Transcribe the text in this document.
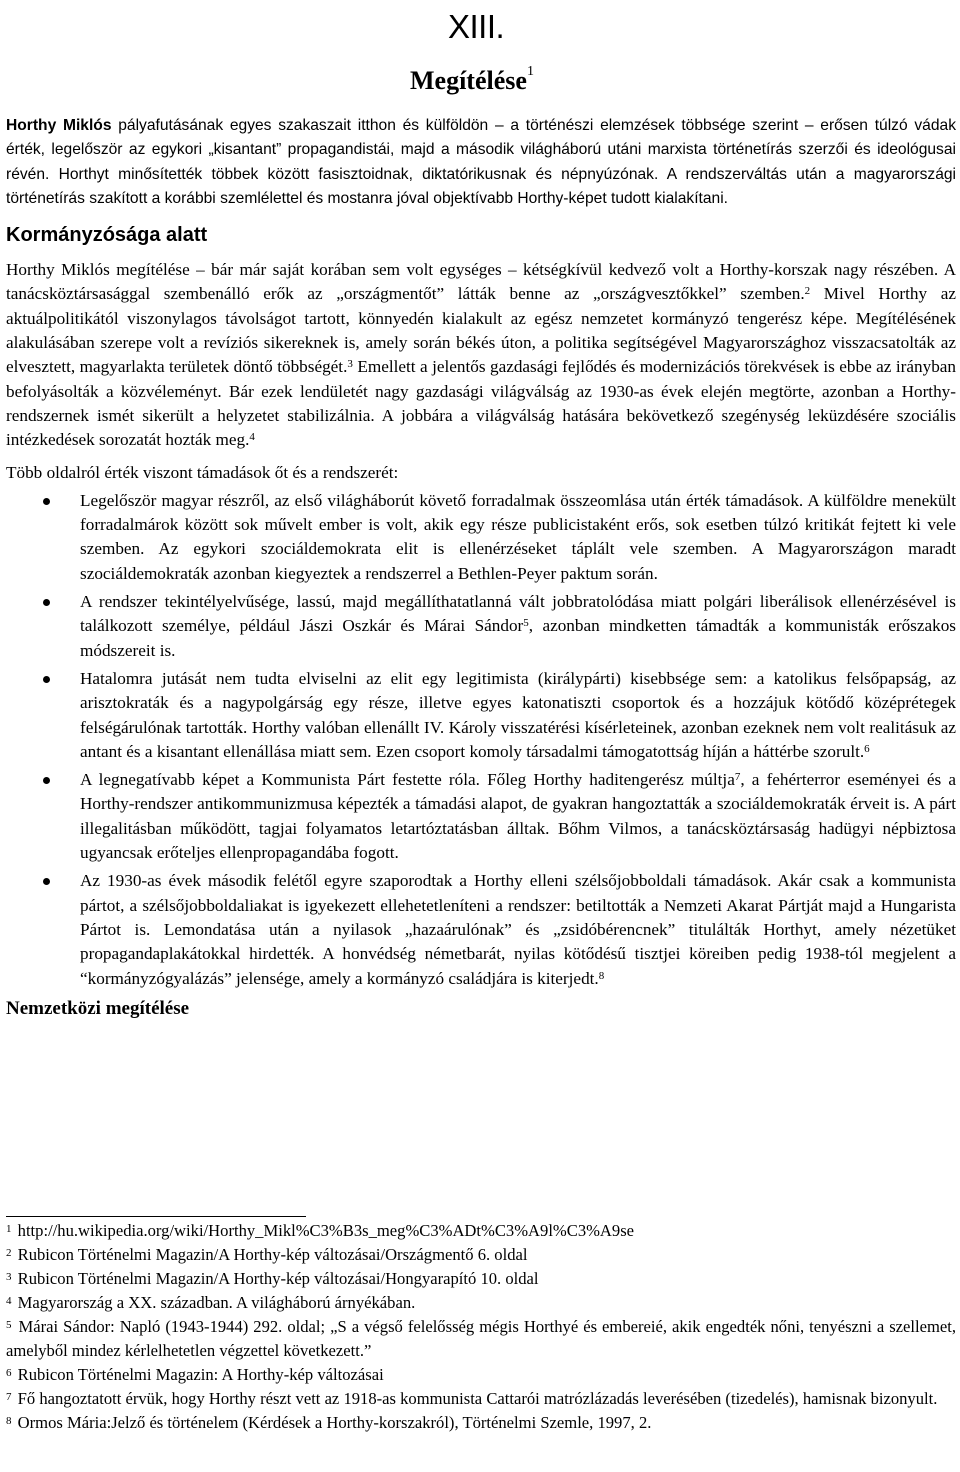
XIII.
Megítélése$^1$

Horthy Miklós pályafutásának egyes szakaszait itthon és külföldön – a történészi elemzések többsége szerint – erősen túlzó vádak érték, legelőször az egykori „kisantant” propagandistái, majd a második világháború utáni marxista történetírás szerzői és ideológusai révén. Horthyt minősítették többek között fasisztoidnak, diktatórikusnak és népnyúzónak. A rendszerváltás után a magyarországi történetírás szakított a korábbi szemlélettel és mostanra jóval objektívabb Horthy-képet tudott kialakítani.

Kormányzósága alatt

Horthy Miklós megítélése – bár már saját korában sem volt egységes – kétségkívül kedvező volt a Horthy-korszak nagy részében. A tanácsköztársasággal szembenálló erők az „országmentőt” látták benne az „országvesztőkkel” szemben.$^2$ Mivel Horthy az aktuálpolitikától viszonylagos távolságot tartott, könnyedén kialakult az egész nemzetet kormányzó tengerész képe. Megítélésének alakulásában szerepe volt a revíziós sikereknek is, amely során békés úton, a politika segítségével Magyarországhoz visszacsatolták az elvesztett, magyarlakta területek döntő többségét.$^3$ Emellett a jelentős gazdasági fejlődés és modernizációs törekvések is ebbe az irányban befolyásolták a közvéleményt. Bár ezek lendületét nagy gazdasági világválság az 1930-as évek elején megtörte, azonban a Horthy-rendszernek ismét sikerült a helyzetet stabilizálnia. A jobbára a világválság hatására bekövetkező szegénység leküzdésére szociális intézkedések sorozatát hozták meg.$^4$

Több oldalról érték viszont támadások őt és a rendszerét:

Legelőször magyar részről, az első világháborút követő forradalmak összeomlása után érték támadások. A külföldre menekült forradalmárok között sok művelt ember is volt, akik egy része publicistaként erős, sok esetben túlzó kritikát fejtett ki vele szemben. Az egykori szociáldemokrata elit is ellenérzéseket táplált vele szemben. A Magyarországon maradt szociáldemokraták azonban kiegyeztek a rendszerrel a Bethlen-Peyer paktum során.
A rendszer tekintélyelvűsége, lassú, majd megállíthatatlanná vált jobbratolódása miatt polgári liberálisok ellenérzésével is találkozott személye, például Jászi Oszkár és Márai Sándor$^5$, azonban mindketten támadták a kommunisták erőszakos módszereit is.
Hatalomra jutását nem tudta elviselni az elit egy legitimista (királypárti) kisebbsége sem: a katolikus felsőpapság, az arisztokraták és a nagypolgárság egy része, illetve egyes katonatiszti csoportok és a hozzájuk kötődő középrétegek felségárulónak tartották. Horthy valóban ellenállt IV. Károly visszatérési kísérleteinek, azonban ezeknek nem volt realitásuk az antant és a kisantant ellenállása miatt sem. Ezen csoport komoly társadalmi támogatottság híján a háttérbe szorult.$^6$
A legnegatívabb képet a Kommunista Párt festette róla. Főleg Horthy haditengerész múltja$^7$, a fehérterror eseményei és a Horthy-rendszer antikommunizmusa képezték a támadási alapot, de gyakran hangoztatták a szociáldemokraták érveit is. A párt illegalitásban működött, tagjai folyamatos letartóztatásban álltak. Bőhm Vilmos, a tanácsköztársaság hadügyi népbiztosa ugyancsak erőteljes ellenpropagandába fogott.
Az 1930-as évek második felétől egyre szaporodtak a Horthy elleni szélsőjobboldali támadások. Akár csak a kommunista pártot, a szélsőjobboldaliakat is igyekezett ellehetetleníteni a rendszer: betiltották a Nemzeti Akarat Pártját majd a Hungarista Pártot is. Lemondatása után a nyilasok „hazaárulónak” és „zsidóbérencnek” titulálták Horthyt, amely nézetüket propagandaplakátokkal hirdették. A honvédség németbarát, nyilas kötődésű tisztjei köreiben pedig 1938-tól megjelent a “kormányzógyalázás” jelensége, amely a kormányzó családjára is kiterjedt.$^8$
Nemzetközi megítélése

$^1$ http://hu.wikipedia.org/wiki/Horthy_Mikl%C3%B3s_meg%C3%ADt%C3%A9l%C3%A9se

$^2$ Rubicon Történelmi Magazin/A Horthy-kép változásai/Országmentő 6. oldal

$^3$ Rubicon Történelmi Magazin/A Horthy-kép változásai/Hongyarapító 10. oldal

$^4$ Magyarország a XX. században. A világháború árnyékában.

$^5$ Márai Sándor: Napló (1943-1944) 292. oldal; „S a végső felelősség mégis Horthyé és embereié, akik engedték nőni, tenyészni a szellemet, amelyből mindez kérlelhetetlen végzettel következett.”

$^6$ Rubicon Történelmi Magazin: A Horthy-kép változásai

$^7$ Fő hangoztatott érvük, hogy Horthy részt vett az 1918-as kommunista Cattarói matrózlázadás leverésében (tizedelés), hamisnak bizonyult.

$^8$ Ormos Mária:Jelző és történelem (Kérdések a Horthy-korszakról), Történelmi Szemle, 1997, 2.
